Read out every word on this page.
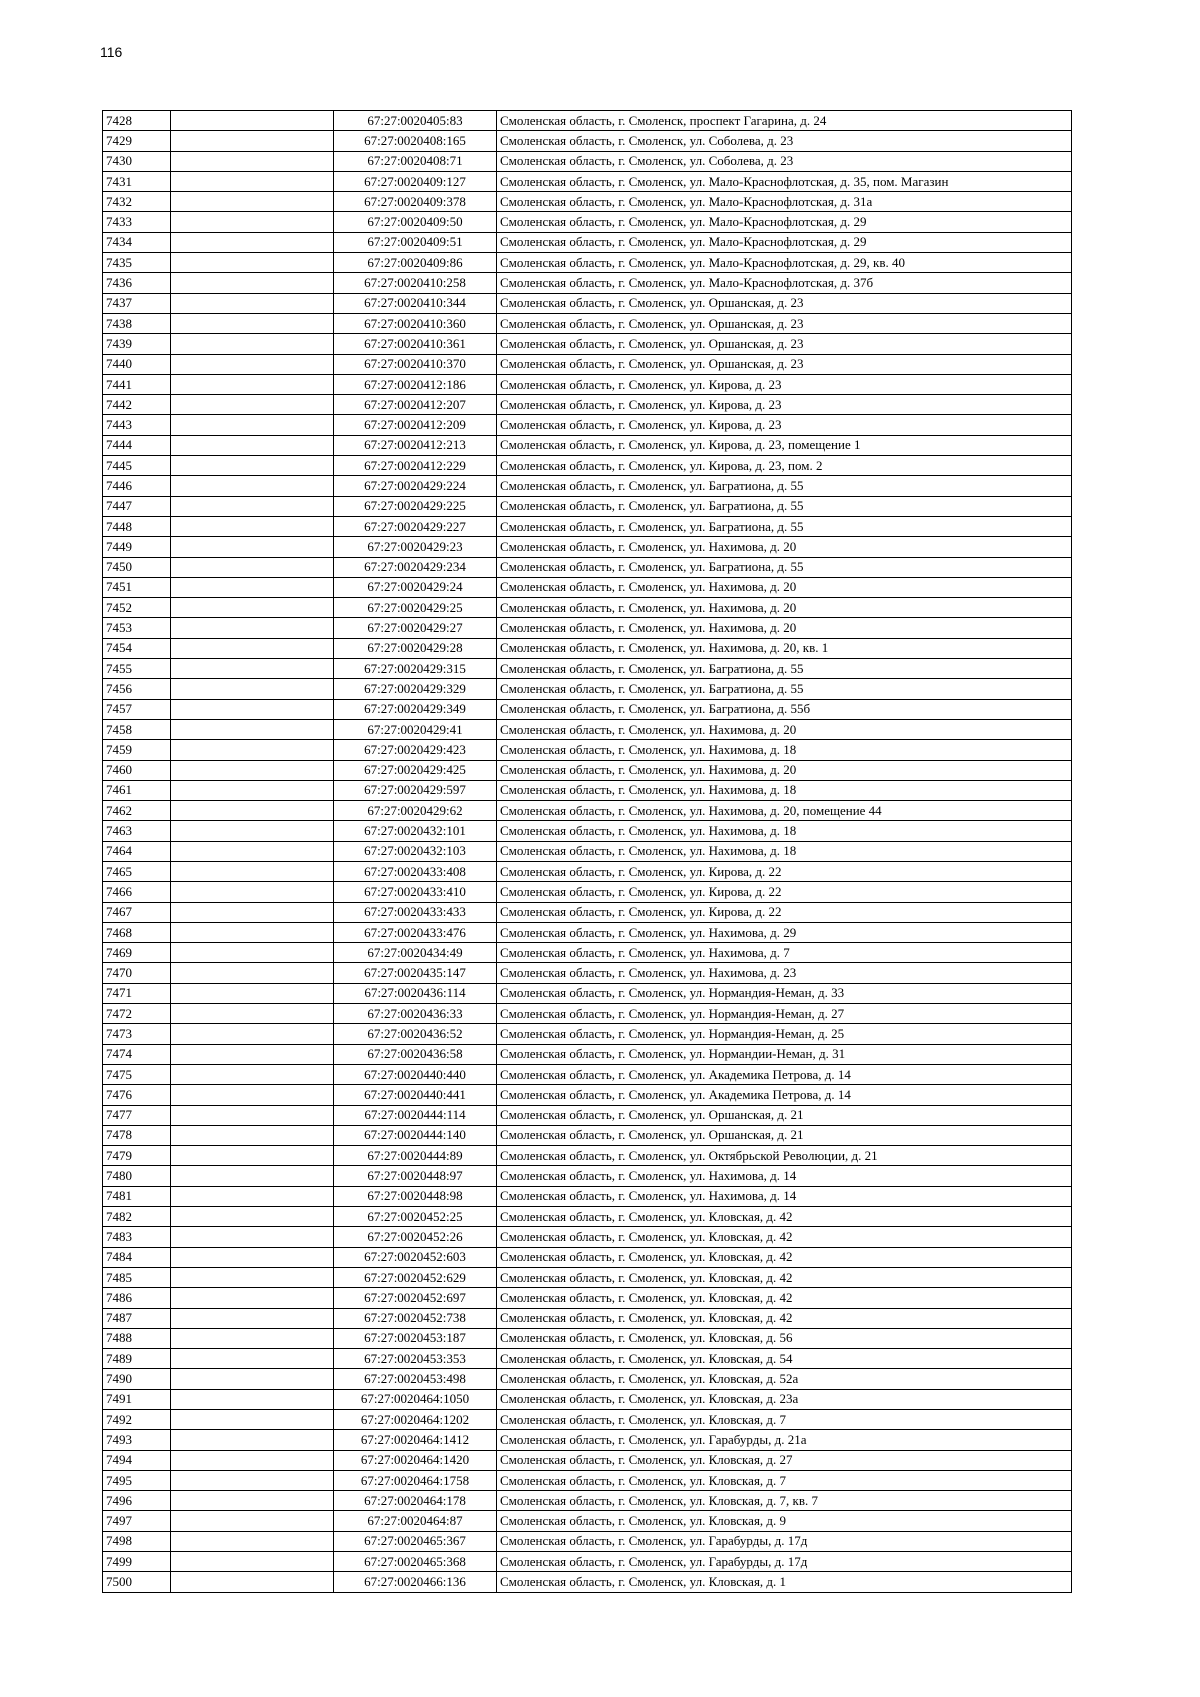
116
7428		67:27:0020405:83	Смоленская область, г. Смоленск, проспект Гагарина, д. 24
7429		67:27:0020408:165	Смоленская область, г. Смоленск, ул. Соболева, д. 23
7430		67:27:0020408:71	Смоленская область, г. Смоленск, ул. Соболева, д. 23
7431		67:27:0020409:127	Смоленская область, г. Смоленск, ул. Мало-Краснофлотская, д. 35, пом. Магазин
7432		67:27:0020409:378	Смоленская область, г. Смоленск, ул. Мало-Краснофлотская, д. 31а
7433		67:27:0020409:50	Смоленская область, г. Смоленск, ул. Мало-Краснофлотская, д. 29
7434		67:27:0020409:51	Смоленская область, г. Смоленск, ул. Мало-Краснофлотская, д. 29
7435		67:27:0020409:86	Смоленская область, г. Смоленск, ул. Мало-Краснофлотская, д. 29, кв. 40
7436		67:27:0020410:258	Смоленская область, г. Смоленск, ул. Мало-Краснофлотская, д. 37б
7437		67:27:0020410:344	Смоленская область, г. Смоленск, ул. Оршанская, д. 23
7438		67:27:0020410:360	Смоленская область, г. Смоленск, ул. Оршанская, д. 23
7439		67:27:0020410:361	Смоленская область, г. Смоленск, ул. Оршанская, д. 23
7440		67:27:0020410:370	Смоленская область, г. Смоленск, ул. Оршанская, д. 23
7441		67:27:0020412:186	Смоленская область, г. Смоленск, ул. Кирова, д. 23
7442		67:27:0020412:207	Смоленская область, г. Смоленск, ул. Кирова, д. 23
7443		67:27:0020412:209	Смоленская область, г. Смоленск, ул. Кирова, д. 23
7444		67:27:0020412:213	Смоленская область, г. Смоленск, ул. Кирова, д. 23, помещение 1
7445		67:27:0020412:229	Смоленская область, г. Смоленск, ул. Кирова, д. 23, пом. 2
7446		67:27:0020429:224	Смоленская область, г. Смоленск, ул. Багратиона, д. 55
7447		67:27:0020429:225	Смоленская область, г. Смоленск, ул. Багратиона, д. 55
7448		67:27:0020429:227	Смоленская область, г. Смоленск, ул. Багратиона, д. 55
7449		67:27:0020429:23	Смоленская область, г. Смоленск, ул. Нахимова, д. 20
7450		67:27:0020429:234	Смоленская область, г. Смоленск, ул. Багратиона, д. 55
7451		67:27:0020429:24	Смоленская область, г. Смоленск, ул. Нахимова, д. 20
7452		67:27:0020429:25	Смоленская область, г. Смоленск, ул. Нахимова, д. 20
7453		67:27:0020429:27	Смоленская область, г. Смоленск, ул. Нахимова, д. 20
7454		67:27:0020429:28	Смоленская область, г. Смоленск, ул. Нахимова, д. 20, кв. 1
7455		67:27:0020429:315	Смоленская область, г. Смоленск, ул. Багратиона, д. 55
7456		67:27:0020429:329	Смоленская область, г. Смоленск, ул. Багратиона, д. 55
7457		67:27:0020429:349	Смоленская область, г. Смоленск, ул. Багратиона, д. 55б
7458		67:27:0020429:41	Смоленская область, г. Смоленск, ул. Нахимова, д. 20
7459		67:27:0020429:423	Смоленская область, г. Смоленск, ул. Нахимова, д. 18
7460		67:27:0020429:425	Смоленская область, г. Смоленск, ул. Нахимова, д. 20
7461		67:27:0020429:597	Смоленская область, г. Смоленск, ул. Нахимова, д. 18
7462		67:27:0020429:62	Смоленская область, г. Смоленск, ул. Нахимова, д. 20, помещение 44
7463		67:27:0020432:101	Смоленская область, г. Смоленск, ул. Нахимова, д. 18
7464		67:27:0020432:103	Смоленская область, г. Смоленск, ул. Нахимова, д. 18
7465		67:27:0020433:408	Смоленская область, г. Смоленск, ул. Кирова, д. 22
7466		67:27:0020433:410	Смоленская область, г. Смоленск, ул. Кирова, д. 22
7467		67:27:0020433:433	Смоленская область, г. Смоленск, ул. Кирова, д. 22
7468		67:27:0020433:476	Смоленская область, г. Смоленск, ул. Нахимова, д. 29
7469		67:27:0020434:49	Смоленская область, г. Смоленск, ул. Нахимова, д. 7
7470		67:27:0020435:147	Смоленская область, г. Смоленск, ул. Нахимова, д. 23
7471		67:27:0020436:114	Смоленская область, г. Смоленск, ул. Нормандия-Неман, д. 33
7472		67:27:0020436:33	Смоленская область, г. Смоленск, ул. Нормандия-Неман, д. 27
7473		67:27:0020436:52	Смоленская область, г. Смоленск, ул. Нормандия-Неман, д. 25
7474		67:27:0020436:58	Смоленская область, г. Смоленск, ул. Нормандии-Неман, д. 31
7475		67:27:0020440:440	Смоленская область, г. Смоленск, ул. Академика Петрова, д. 14
7476		67:27:0020440:441	Смоленская область, г. Смоленск, ул. Академика Петрова, д. 14
7477		67:27:0020444:114	Смоленская область, г. Смоленск, ул. Оршанская, д. 21
7478		67:27:0020444:140	Смоленская область, г. Смоленск, ул. Оршанская, д. 21
7479		67:27:0020444:89	Смоленская область, г. Смоленск, ул. Октябрьской Революции, д. 21
7480		67:27:0020448:97	Смоленская область, г. Смоленск, ул. Нахимова, д. 14
7481		67:27:0020448:98	Смоленская область, г. Смоленск, ул. Нахимова, д. 14
7482		67:27:0020452:25	Смоленская область, г. Смоленск, ул. Кловская, д. 42
7483		67:27:0020452:26	Смоленская область, г. Смоленск, ул. Кловская, д. 42
7484		67:27:0020452:603	Смоленская область, г. Смоленск, ул. Кловская, д. 42
7485		67:27:0020452:629	Смоленская область, г. Смоленск, ул. Кловская, д. 42
7486		67:27:0020452:697	Смоленская область, г. Смоленск, ул. Кловская, д. 42
7487		67:27:0020452:738	Смоленская область, г. Смоленск, ул. Кловская, д. 42
7488		67:27:0020453:187	Смоленская область, г. Смоленск, ул. Кловская, д. 56
7489		67:27:0020453:353	Смоленская область, г. Смоленск, ул. Кловская, д. 54
7490		67:27:0020453:498	Смоленская область, г. Смоленск, ул. Кловская, д. 52а
7491		67:27:0020464:1050	Смоленская область, г. Смоленск, ул. Кловская, д. 23а
7492		67:27:0020464:1202	Смоленская область, г. Смоленск, ул. Кловская, д. 7
7493		67:27:0020464:1412	Смоленская область, г. Смоленск, ул. Гарабурды, д. 21а
7494		67:27:0020464:1420	Смоленская область, г. Смоленск, ул. Кловская, д. 27
7495		67:27:0020464:1758	Смоленская область, г. Смоленск, ул. Кловская, д. 7
7496		67:27:0020464:178	Смоленская область, г. Смоленск, ул. Кловская, д. 7, кв. 7
7497		67:27:0020464:87	Смоленская область, г. Смоленск, ул. Кловская, д. 9
7498		67:27:0020465:367	Смоленская область, г. Смоленск, ул. Гарабурды, д. 17д
7499		67:27:0020465:368	Смоленская область, г. Смоленск, ул. Гарабурды, д. 17д
7500		67:27:0020466:136	Смоленская область, г. Смоленск, ул. Кловская, д. 1
